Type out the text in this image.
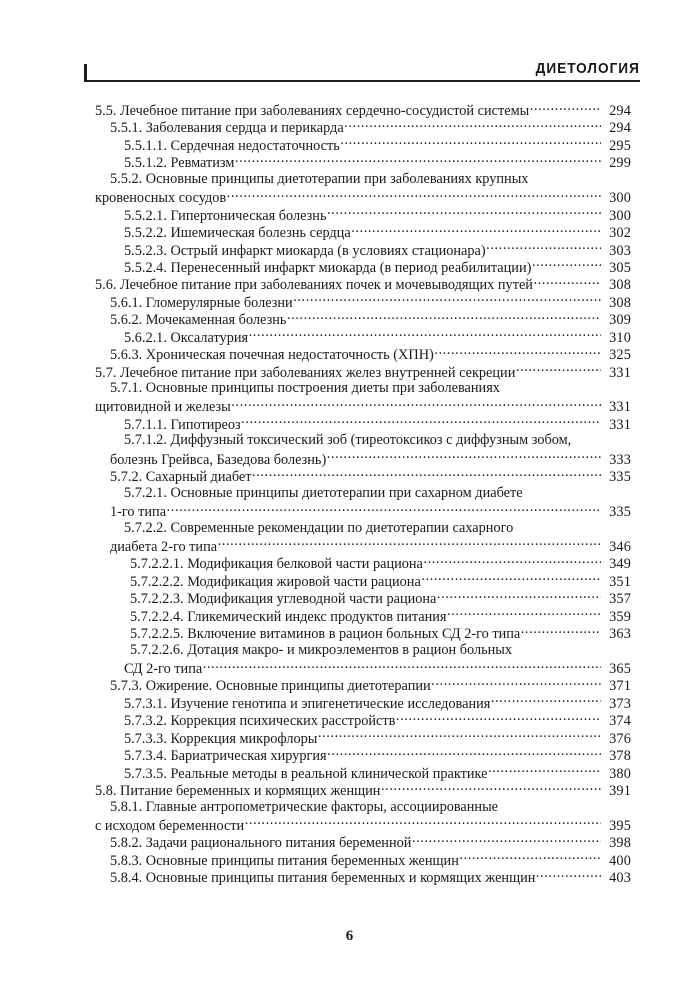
ДИЕТОЛОГИЯ
5.5. Лечебное питание при заболеваниях сердечно-сосудистой системы .....	294
5.5.1. Заболевания сердца и перикарда .....	294
5.5.1.1. Сердечная недостаточность .....	295
5.5.1.2. Ревматизм .....	299
5.5.2. Основные принципы диетотерапии при заболеваниях крупных
кровеносных сосудов .....	300
5.5.2.1. Гипертоническая болезнь .....	300
5.5.2.2. Ишемическая болезнь сердца .....	302
5.5.2.3. Острый инфаркт миокарда (в условиях стационара) .....	303
5.5.2.4. Перенесенный инфаркт миокарда (в период реабилитации) .....	305
5.6. Лечебное питание при заболеваниях почек и мочевыводящих путей .....	308
5.6.1. Гломерулярные болезни .....	308
5.6.2. Мочекаменная болезнь .....	309
5.6.2.1. Оксалатурия .....	310
5.6.3. Хроническая почечная недостаточность (ХПН) .....	325
5.7. Лечебное питание при заболеваниях желез внутренней секреции .....	331
5.7.1. Основные принципы построения диеты при заболеваниях
щитовидной и железы .....	331
5.7.1.1. Гипотиреоз .....	331
5.7.1.2. Диффузный токсический зоб (тиреотоксикоз с диффузным зобом,
болезнь Грейвса, Базедова болезнь) .....	333
5.7.2. Сахарный диабет .....	335
5.7.2.1. Основные принципы диетотерапии при сахарном диабете
1-го типа .....	335
5.7.2.2. Современные рекомендации по диетотерапии сахарного
диабета 2-го типа .....	346
5.7.2.2.1. Модификация белковой части рациона .....	349
5.7.2.2.2. Модификация жировой части рациона .....	351
5.7.2.2.3. Модификация углеводной части рациона .....	357
5.7.2.2.4. Гликемический индекс продуктов питания .....	359
5.7.2.2.5. Включение витаминов в рацион больных СД 2-го типа .....	363
5.7.2.2.6. Дотация макро- и микроэлементов в рацион больных
СД 2-го типа .....	365
5.7.3. Ожирение. Основные принципы диетотерапии .....	371
5.7.3.1. Изучение генотипа и эпигенетические исследования .....	373
5.7.3.2. Коррекция психических расстройств .....	374
5.7.3.3. Коррекция микрофлоры .....	376
5.7.3.4. Бариатрическая хирургия .....	378
5.7.3.5. Реальные методы в реальной клинической практике .....	380
5.8. Питание беременных и кормящих женщин .....	391
5.8.1. Главные антропометрические факторы, ассоциированные
с исходом беременности .....	395
5.8.2. Задачи рационального питания беременной .....	398
5.8.3. Основные принципы питания беременных женщин .....	400
5.8.4. Основные принципы питания беременных и кормящих женщин .....	403
6
